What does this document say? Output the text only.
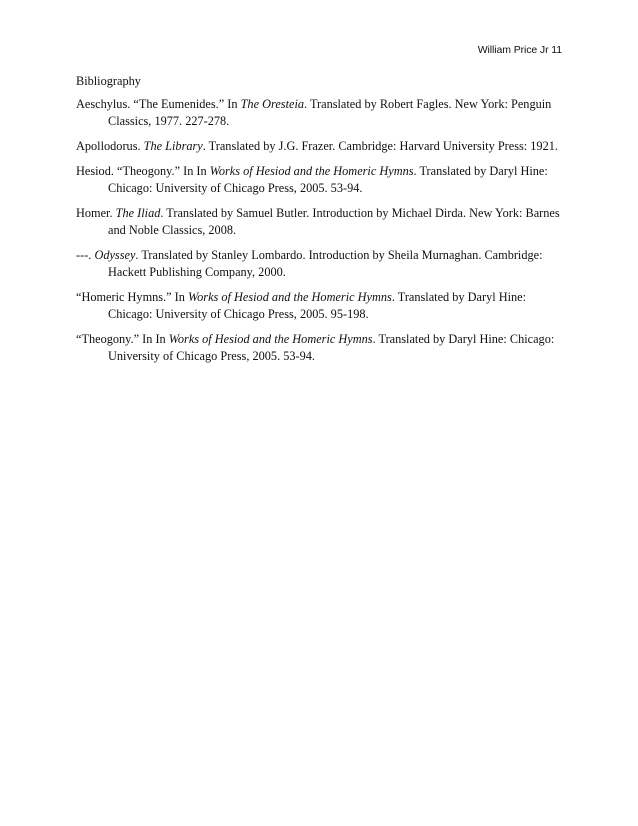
William Price Jr 11

Bibliography

Aeschylus. “The Eumenides.” In The Oresteia. Translated by Robert Fagles. New York: Penguin Classics, 1977. 227-278.

Apollodorus. The Library. Translated by J.G. Frazer. Cambridge: Harvard University Press: 1921.

Hesiod. “Theogony.” In In Works of Hesiod and the Homeric Hymns. Translated by Daryl Hine: Chicago: University of Chicago Press, 2005. 53-94.

Homer. The Iliad. Translated by Samuel Butler. Introduction by Michael Dirda. New York: Barnes and Noble Classics, 2008.

---. Odyssey. Translated by Stanley Lombardo. Introduction by Sheila Murnaghan. Cambridge: Hackett Publishing Company, 2000.

“Homeric Hymns.” In Works of Hesiod and the Homeric Hymns. Translated by Daryl Hine: Chicago: University of Chicago Press, 2005. 95-198.

“Theogony.” In In Works of Hesiod and the Homeric Hymns. Translated by Daryl Hine: Chicago: University of Chicago Press, 2005. 53-94.
